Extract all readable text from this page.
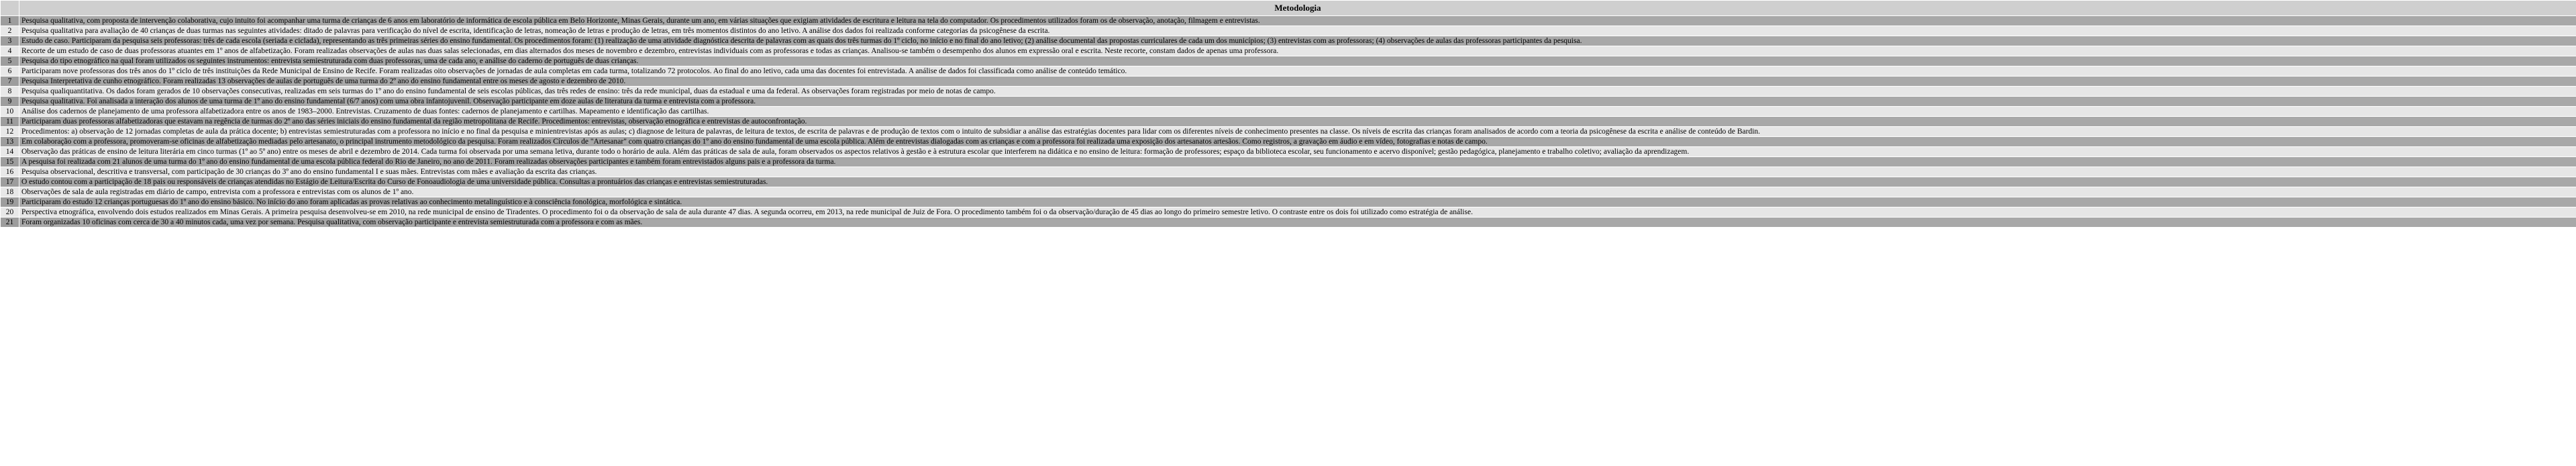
	Metodologia
1	Pesquisa qualitativa, com proposta de intervenção colaborativa, cujo intuito foi acompanhar uma turma de crianças de 6 anos em laboratório de informática de escola pública em Belo Horizonte, Minas Gerais, durante um ano, em várias situações que exigiam atividades de escritura e leitura na tela do computador. Os procedimentos utilizados foram os de observação, anotação, filmagem e entrevistas.
2	Pesquisa qualitativa para avaliação de 40 crianças de duas turmas nas seguintes atividades: ditado de palavras para verificação do nível de escrita, identificação de letras, nomeação de letras e produção de letras, em três momentos distintos do ano letivo. A análise dos dados foi realizada conforme categorias da psicogênese da escrita.
3	Estudo de caso. Participaram da pesquisa seis professoras: três de cada escola (seriada e ciclada), representando as três primeiras séries do ensino fundamental. Os procedimentos foram: (1) realização de uma atividade diagnóstica descrita de palavras com as quais dos três turmas do 1º ciclo, no início e no final do ano letivo; (2) análise documental das propostas curriculares de cada um dos municípios; (3) entrevistas com as professoras; (4) observações de aulas das professoras participantes da pesquisa.
4	Recorte de um estudo de caso de duas professoras atuantes em 1º anos de alfabetização. Foram realizadas observações de aulas nas duas salas selecionadas, em dias alternados dos meses de novembro e dezembro, entrevistas individuais com as professoras e todas as crianças. Analisou-se também o desempenho dos alunos em expressão oral e escrita. Neste recorte, constam dados de apenas uma professora.
5	Pesquisa do tipo etnográfico na qual foram utilizados os seguintes instrumentos: entrevista semiestruturada com duas professoras, uma de cada ano, e análise do caderno de português de duas crianças.
6	Participaram nove professoras dos três anos do 1º ciclo de três instituições da Rede Municipal de Ensino de Recife. Foram realizadas oito observações de jornadas de aula completas em cada turma, totalizando 72 protocolos. Ao final do ano letivo, cada uma das docentes foi entrevistada. A análise de dados foi classificada como análise de conteúdo temático.
7	Pesquisa Interpretativa de cunho etnográfico. Foram realizadas 13 observações de aulas de português de uma turma do 2º ano do ensino fundamental entre os meses de agosto e dezembro de 2010.
8	Pesquisa qualiquantitativa. Os dados foram gerados de 10 observações consecutivas, realizadas em seis turmas do 1º ano do ensino fundamental de seis escolas públicas, das três redes de ensino: três da rede municipal, duas da estadual e uma da federal. As observações foram registradas por meio de notas de campo.
9	Pesquisa qualitativa. Foi analisada a interação dos alunos de uma turma de 1º ano do ensino fundamental (6/7 anos) com uma obra infantojuvenil. Observação participante em doze aulas de literatura da turma e entrevista com a professora.
10	Análise dos cadernos de planejamento de uma professora alfabetizadora entre os anos de 1983–2000. Entrevistas. Cruzamento de duas fontes: cadernos de planejamento e cartilhas. Mapeamento e identificação das cartilhas.
11	Participaram duas professoras alfabetizadoras que estavam na regência de turmas do 2º ano das séries iniciais do ensino fundamental da região metropolitana de Recife. Procedimentos: entrevistas, observação etnográfica e entrevistas de autoconfrontação.
12	Procedimentos: a) observação de 12 jornadas completas de aula da prática docente; b) entrevistas semiestruturadas com a professora no início e no final da pesquisa e minientrevistas após as aulas; c) diagnose de leitura de palavras, de leitura de textos, de escrita de palavras e de produção de textos com o intuito de subsidiar a análise das estratégias docentes para lidar com os diferentes níveis de conhecimento presentes na classe. Os níveis de escrita das crianças foram analisados de acordo com a teoria da psicogênese da escrita e análise de conteúdo de Bardin.
13	Em colaboração com a professora, promoveram-se oficinas de alfabetização mediadas pelo artesanato, o principal instrumento metodológico da pesquisa. Foram realizados Círculos de "Artesanar" com quatro crianças do 1º ano do ensino fundamental de uma escola pública. Além de entrevistas dialogadas com as crianças e com a professora foi realizada uma exposição dos artesanatos artesãos. Como registros, a gravação em áudio e em vídeo, fotografias e notas de campo.
14	Observação das práticas de ensino de leitura literária em cinco turmas (1º ao 5º ano) entre os meses de abril e dezembro de 2014. Cada turma foi observada por uma semana letiva, durante todo o horário de aula. Além das práticas de sala de aula, foram observados os aspectos relativos à gestão e à estrutura escolar que interferem na didática e no ensino de leitura: formação de professores; espaço da biblioteca escolar, seu funcionamento e acervo disponível; gestão pedagógica, planejamento e trabalho coletivo; avaliação da aprendizagem.
15	A pesquisa foi realizada com 21 alunos de uma turma do 1º ano do ensino fundamental de uma escola pública federal do Rio de Janeiro, no ano de 2011. Foram realizadas observações participantes e também foram entrevistados alguns pais e a professora da turma.
16	Pesquisa observacional, descritiva e transversal, com participação de 30 crianças do 3º ano do ensino fundamental I e suas mães. Entrevistas com mães e avaliação da escrita das crianças.
17	O estudo contou com a participação de 18 pais ou responsáveis de crianças atendidas no Estágio de Leitura/Escrita do Curso de Fonoaudiologia de uma universidade pública. Consultas a prontuários das crianças e entrevistas semiestruturadas.
18	Observações de sala de aula registradas em diário de campo, entrevista com a professora e entrevistas com os alunos de 1º ano.
19	Participaram do estudo 12 crianças portuguesas do 1º ano do ensino básico. No início do ano foram aplicadas as provas relativas ao conhecimento metalinguístico e à consciência fonológica, morfológica e sintática.
20	Perspectiva etnográfica, envolvendo dois estudos realizados em Minas Gerais. A primeira pesquisa desenvolveu-se em 2010, na rede municipal de ensino de Tiradentes. O procedimento foi o da observação de sala de aula durante 47 dias. A segunda ocorreu, em 2013, na rede municipal de Juiz de Fora. O procedimento também foi o da observação/duração de 45 dias ao longo do primeiro semestre letivo. O contraste entre os dois foi utilizado como estratégia de análise.
21	Foram organizadas 10 oficinas com cerca de 30 a 40 minutos cada, uma vez por semana. Pesquisa qualitativa, com observação participante e entrevista semiestruturada com a professora e com as mães.
